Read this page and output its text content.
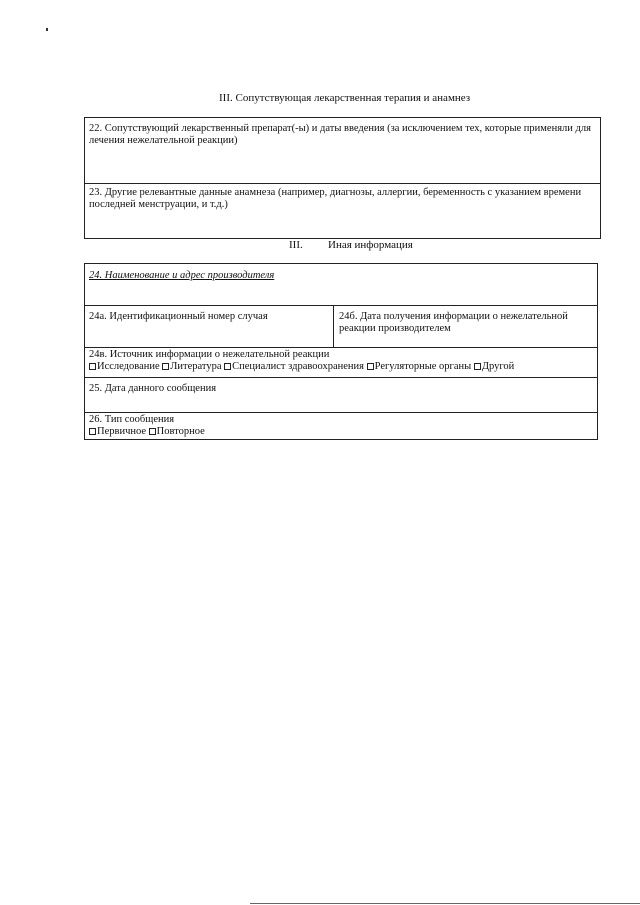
III. Сопутствующая лекарственная терапия и анамнез
22. Сопутствующий лекарственный препарат(-ы) и даты введения (за исключением тех, которые применяли для лечения нежелательной реакции)
23. Другие релевантные данные анамнеза (например, диагнозы, аллергии, беременность с указанием времени последней менструации, и т.д.)
III. Иная информация
24. Наименование и адрес производителя
24а. Идентификационный номер случая	24б. Дата получения информации о нежелательной реакции производителем
24в. Источник информации о нежелательной реакции
Исследование Литература Специалист здравоохранения Регуляторные органы Другой
25. Дата данного сообщения
26. Тип сообщения
Первичное Повторное
